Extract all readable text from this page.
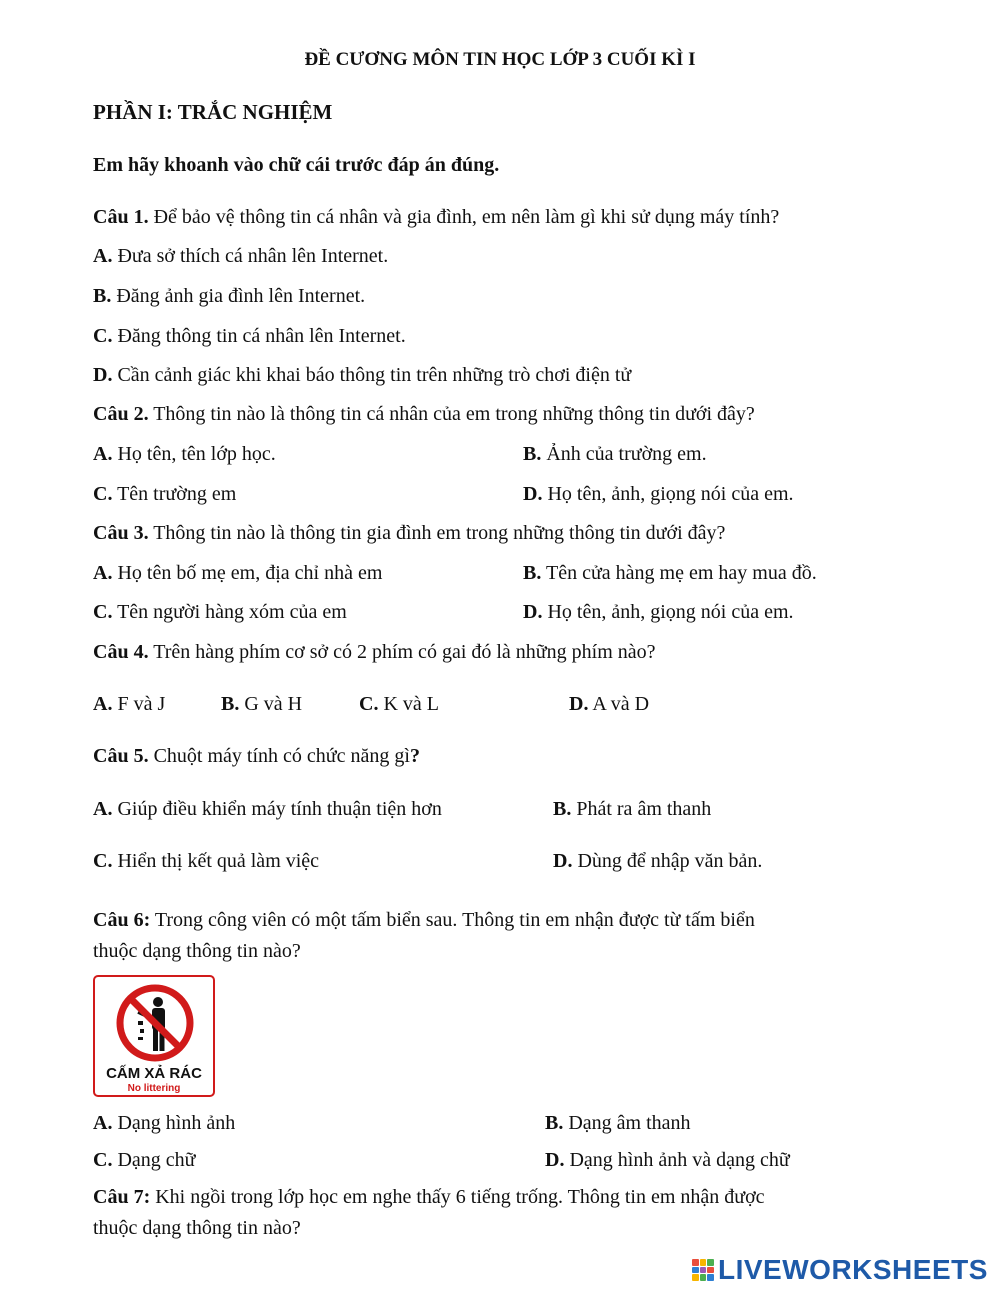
ĐỀ CƯƠNG MÔN TIN HỌC LỚP 3 CUỐI KÌ I
PHẦN I: TRẮC NGHIỆM
Em hãy khoanh vào chữ cái trước đáp án đúng.
Câu 1. Để bảo vệ thông tin cá nhân và gia đình, em nên làm gì khi sử dụng máy tính?
A. Đưa sở thích cá nhân lên Internet.
B. Đăng ảnh gia đình lên Internet.
C. Đăng thông tin cá nhân lên Internet.
D. Cần cảnh giác khi khai báo thông tin trên những trò chơi điện tử
Câu 2. Thông tin nào là thông tin cá nhân của em trong những thông tin dưới đây?
A. Họ tên, tên lớp học.	B. Ảnh của trường em.
C. Tên trường em	D. Họ tên, ảnh, giọng nói của em.
Câu 3. Thông tin nào là thông tin gia đình em trong những thông tin dưới đây?
A. Họ tên bố mẹ em, địa chỉ nhà em	B. Tên cửa hàng mẹ em hay mua đồ.
C. Tên người hàng xóm của em	D. Họ tên, ảnh, giọng nói của em.
Câu 4. Trên hàng phím cơ sở có 2 phím có gai đó là những phím nào?
A. F và J	B. G và H	C. K và L	D. A và D
Câu 5. Chuột máy tính có chức năng gì?
A. Giúp điều khiển máy tính thuận tiện hơn	B. Phát ra âm thanh
C. Hiển thị kết quả làm việc	D. Dùng để nhập văn bản.
Câu 6: Trong công viên có một tấm biển sau. Thông tin em nhận được từ tấm biển
thuộc dạng thông tin nào?
CẤM XẢ RÁC
No littering
A. Dạng hình ảnh	B. Dạng âm thanh
C. Dạng chữ	D. Dạng hình ảnh và dạng chữ
Câu 7: Khi ngồi trong lớp học em nghe thấy 6 tiếng trống. Thông tin em nhận được
thuộc dạng thông tin nào?
LIVEWORKSHEETS
